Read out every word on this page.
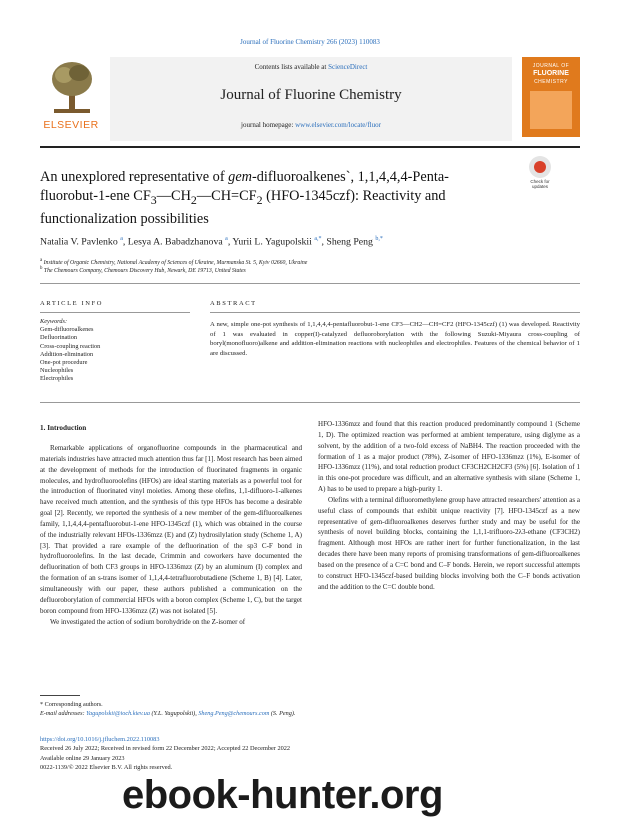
Journal of Fluorine Chemistry 266 (2023) 110083
ELSEVIER
Contents lists available at ScienceDirect
Journal of Fluorine Chemistry
journal homepage: www.elsevier.com/locate/fluor
JOURNAL OF
FLUORINE
CHEMISTRY
An unexplored representative of gem-difluoroalkenes`, 1,1,4,4,4-Penta-fluorobut-1-ene $CF_3—CH_2—CH=CF_2$ (HFO-1345czf): Reactivity and functionalization possibilities
Check for updates
Natalia V. Pavlenko $^a$, Lesya A. Babadzhanova $^a$, Yurii L. Yagupolskii $^{a,*}$, Sheng Peng $^{b,*}$
$^a$ Institute of Organic Chemistry, National Academy of Sciences of Ukraine, Murmanska St. 5, Kyiv 02660, Ukraine
$^b$ The Chemours Company, Chemours Discovery Hub, Newark, DE 19713, United States
ARTICLE INFO	ABSTRACT
Keywords:
Gem-difluoroalkenes
Defluorination
Cross-coupling reaction
Addition-elimination
One-pot procedure
Nucleophiles
Electrophiles
A new, simple one-pot synthesis of 1,1,4,4,4-pentafluorobut-1-ene CF3—CH2—CH=CF2 (HFO-1345czf) (1) was developed. Reactivity of 1 was evaluated in copper(I)-catalyzed defluoroborylation with the following Suzuki-Miyaura cross-coupling of boryl(monofluoro)alkene and addition-elimination reactions with nucleophiles and electrophiles. Features of the chemical behavior of 1 are discussed.
1. Introduction

Remarkable applications of organofluorine compounds in the pharmaceutical and materials industries have attracted much attention thus far [1]. Most research has been aimed at the development of methods for the introduction of fluorinated fragments in organic molecules, and hydrofluoroolefins (HFOs) are ideal starting materials as a powerful tool for the introduction of fluorinated vinyl moieties. Among these olefins, 1,1-difluoro-1-alkenes have received much attention, and the synthesis of this type HFOs has become a desirable goal [2]. Recently, we reported the synthesis of a new member of the gem-difluoroalkenes family, 1,1,4,4,4-pentafluorobut-1-ene HFO-1345czf (1), which was obtained in the course of the industrially relevant HFOs-1336mzz (E) and (Z) hydrosilylation study (Scheme 1, A) [3]. That provided a rare example of the defluorination of the sp3 C-F bond in hydrofluoroolefins. In the last decade, Crimmin and coworkers have documented the defluorination of both CF3 groups in HFO-1336mzz (Z) by an aluminum (I) complex and the formation of an s-trans isomer of 1,1,4,4-tetrafluorobutadiene (Scheme 1, B) [4]. Later, simultaneously with our paper, these authors published a communication on the defluoroborylation of commercial HFOs with a boron complex (Scheme 1, C), but the target boron compound from HFO-1336mzz (Z) was not isolated [5].

We investigated the action of sodium borohydride on the Z-isomer of

HFO-1336mzz and found that this reaction produced predominantly compound 1 (Scheme 1, D). The optimized reaction was performed at ambient temperature, using diglyme as a solvent, by the addition of a two-fold excess of NaBH4. The reaction proceeded with the formation of 1 as a major product (78%), Z-isomer of HFO-1336mzz (1%), E-isomer of HFO-1336mzz (11%), and total reduction product CF3CH2CH2CF3 (5%) [6]. Isolation of 1 in this one-pot procedure was difficult, and an alternative synthesis with silane (Scheme 1, A) has to be used to prepare a high-purity 1.

Olefins with a terminal difluoromethylene group have attracted researchers' attention as a useful class of compounds that exhibit unique reactivity [7]. HFO-1345czf as a new representative of gem-difluoroalkenes deserves further study and may be useful for the synthesis of novel building blocks, containing the 1,1,1-trifluoro-2λ3-ethane (CF3CH2) fragment. Although most HFOs are rather inert for further functionalization, in the last decades there have been many reports of promising transformations of gem-difluoroalkenes based on the presence of a C=C bond and C–F bonds. Herein, we report successful attempts to construct HFO-1345czf-based building blocks involving both the C–F bonds activation and the addition to the C=C double bond.

* Corresponding authors.
E-mail addresses: Yagupolskii@ioch.kiev.ua (Y.L. Yagupolskii), Sheng.Peng@chemours.com (S. Peng).
https://doi.org/10.1016/j.jfluchem.2022.110083
Received 26 July 2022; Received in revised form 22 December 2022; Accepted 22 December 2022
Available online 29 January 2023
0022-1139/© 2022 Elsevier B.V. All rights reserved.
ebook-hunter.org
